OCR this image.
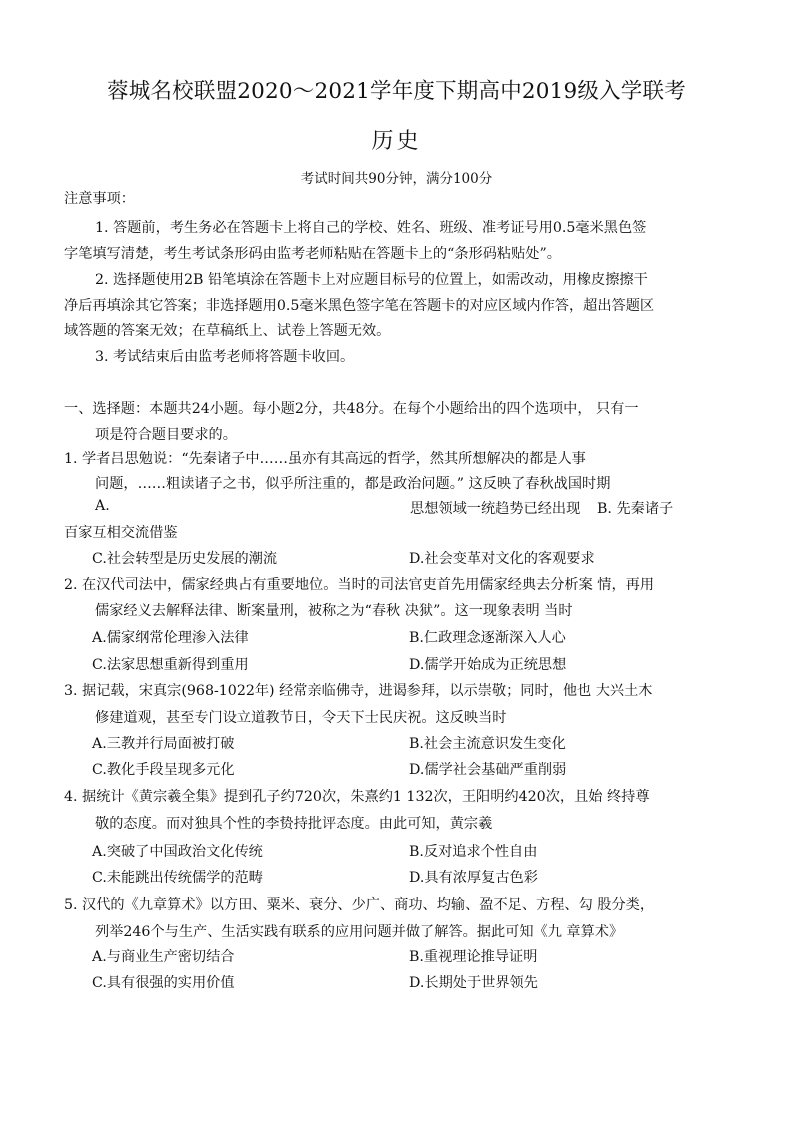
蓉城名校联盟2020～2021学年度下期高中2019级入学联考
历史
考试时间共90分钟，满分100分
注意事项：
1. 答题前，考生务必在答题卡上将自己的学校、姓名、班级、准考证号用0.5毫米黑色签
字笔填写清楚，考生考试条形码由监考老师粘贴在答题卡上的“条形码粘贴处”。
2. 选择题使用2B 铅笔填涂在答题卡上对应题目标号的位置上，如需改动，用橡皮擦擦干
净后再填涂其它答案；非选择题用0.5毫米黑色签字笔在答题卡的对应区域内作答，超出答题区
域答题的答案无效；在草稿纸上、试卷上答题无效。
3. 考试结束后由监考老师将答题卡收回。
一、选择题：本题共24小题。每小题2分，共48分。在每个小题给出的四个选项中， 只有一
项是符合题目要求的。
1. 学者吕思勉说：“先秦诸子中……虽亦有其高远的哲学，然其所想解决的都是人事
问题，……粗读诸子之书，似乎所注重的，都是政治问题。” 这反映了春秋战国时期
A.	思想领域一统趋势已经出现 B. 先秦诸子
百家互相交流借鉴
C.社会转型是历史发展的潮流	D.社会变革对文化的客观要求
2. 在汉代司法中，儒家经典占有重要地位。当时的司法官吏首先用儒家经典去分析案 情，再用
儒家经义去解释法律、断案量刑，被称之为“春秋 决狱”。这一现象表明 当时
A.儒家纲常伦理渗入法律	B.仁政理念逐渐深入人心
C.法家思想重新得到重用	D.儒学开始成为正统思想
3. 据记载，宋真宗(968-1022年) 经常亲临佛寺，进谒参拜，以示崇敬；同时，他也 大兴土木
修建道观，甚至专门设立道教节日，令天下士民庆祝。这反映当时
A.三教并行局面被打破	B.社会主流意识发生变化
C.教化手段呈现多元化	D.儒学社会基础严重削弱
4. 据统计《黄宗羲全集》提到孔子约720次，朱熹约1 132次，王阳明约420次，且始 终持尊
敬的态度。而对独具个性的李贽持批评态度。由此可知，黄宗羲
A.突破了中国政治文化传统	B.反对追求个性自由
C.未能跳出传统儒学的范畴	D.具有浓厚复古色彩
5. 汉代的《九章算术》以方田、粟米、衰分、少广、商功、均输、盈不足、方程、勾 股分类，
列举246个与生产、生活实践有联系的应用问题并做了解答。据此可知《九 章算术》
A.与商业生产密切结合	B.重视理论推导证明
C.具有很强的实用价值	D.长期处于世界领先
